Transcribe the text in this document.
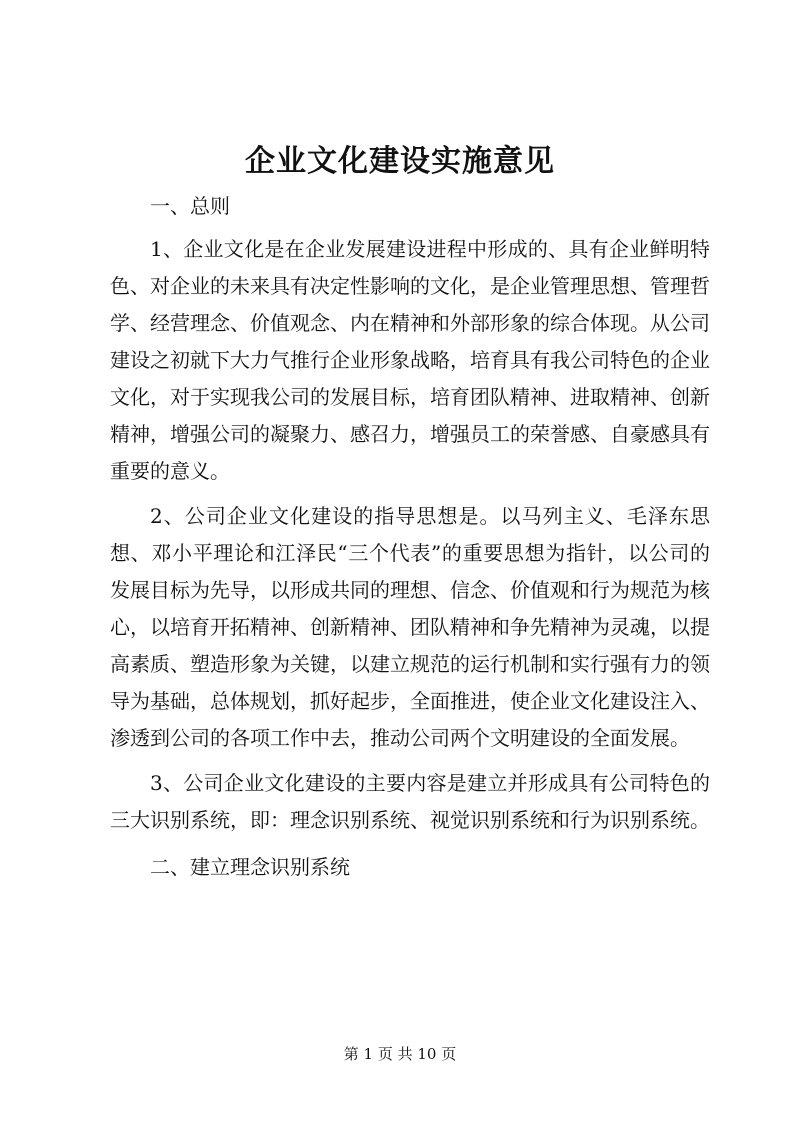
企业文化建设实施意见

一、总则

1、企业文化是在企业发展建设进程中形成的、具有企业鲜明特色、对企业的未来具有决定性影响的文化，是企业管理思想、管理哲学、经营理念、价值观念、内在精神和外部形象的综合体现。从公司建设之初就下大力气推行企业形象战略，培育具有我公司特色的企业文化，对于实现我公司的发展目标，培育团队精神、进取精神、创新精神，增强公司的凝聚力、感召力，增强员工的荣誉感、自豪感具有重要的意义。

2、公司企业文化建设的指导思想是。以马列主义、毛泽东思想、邓小平理论和江泽民“三个代表”的重要思想为指针，以公司的发展目标为先导，以形成共同的理想、信念、价值观和行为规范为核心，以培育开拓精神、创新精神、团队精神和争先精神为灵魂，以提高素质、塑造形象为关键，以建立规范的运行机制和实行强有力的领导为基础，总体规划，抓好起步，全面推进，使企业文化建设注入、渗透到公司的各项工作中去，推动公司两个文明建设的全面发展。

3、公司企业文化建设的主要内容是建立并形成具有公司特色的三大识别系统，即：理念识别系统、视觉识别系统和行为识别系统。

二、建立理念识别系统

第 1 页 共 10 页
